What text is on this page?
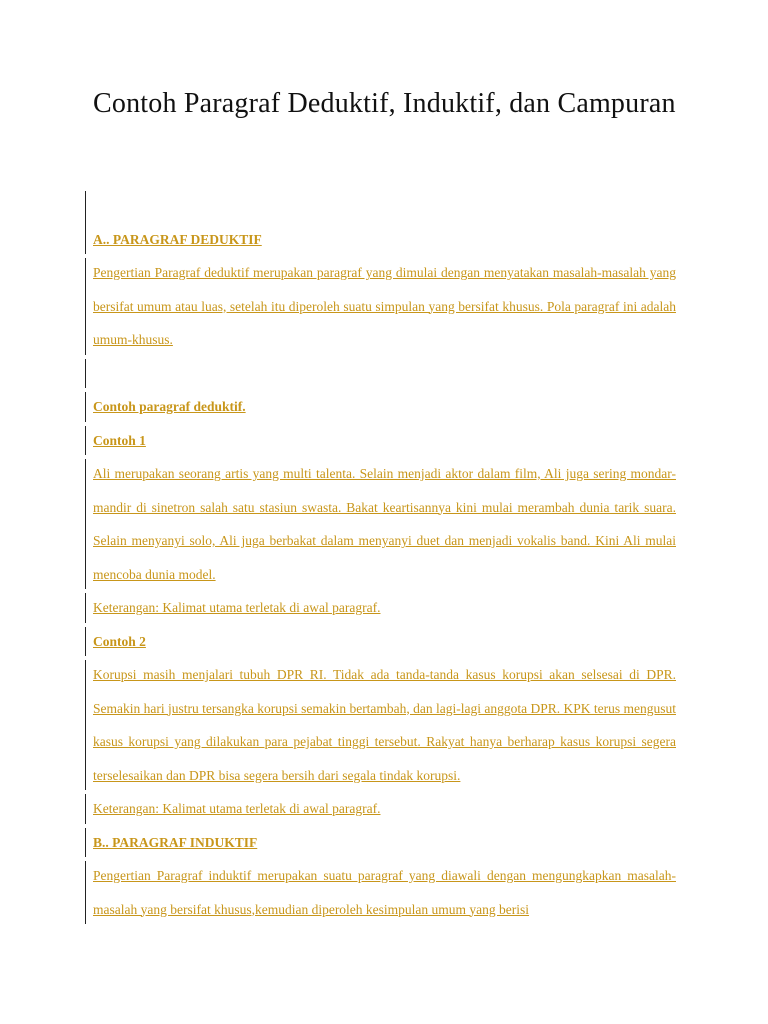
Contoh Paragraf Deduktif, Induktif, dan Campuran
A.. PARAGRAF DEDUKTIF
Pengertian Paragraf deduktif merupakan paragraf yang dimulai dengan menyatakan masalah-masalah yang bersifat umum atau luas, setelah itu diperoleh suatu simpulan yang bersifat khusus. Pola paragraf ini adalah umum-khusus.
Contoh paragraf deduktif.
Contoh 1
Ali merupakan seorang artis yang multi talenta. Selain menjadi aktor dalam film, Ali juga sering mondar-mandir di sinetron salah satu stasiun swasta. Bakat keartisannya kini mulai merambah dunia tarik suara. Selain menyanyi solo, Ali juga berbakat dalam menyanyi duet dan menjadi vokalis band. Kini Ali mulai mencoba dunia model.
Keterangan: Kalimat utama terletak di awal paragraf.
Contoh 2
Korupsi masih menjalari tubuh DPR RI. Tidak ada tanda-tanda kasus korupsi akan selsesai di DPR. Semakin hari justru tersangka korupsi semakin bertambah, dan lagi-lagi anggota DPR. KPK terus mengusut kasus korupsi yang dilakukan para pejabat tinggi tersebut. Rakyat hanya berharap kasus korupsi segera terselesaikan dan DPR bisa segera bersih dari segala tindak korupsi.
Keterangan: Kalimat utama terletak di awal paragraf.
B.. PARAGRAF INDUKTIF
Pengertian Paragraf induktif merupakan suatu paragraf yang diawali dengan mengungkapkan masalah-masalah yang bersifat khusus,kemudian diperoleh kesimpulan umum yang berisi
